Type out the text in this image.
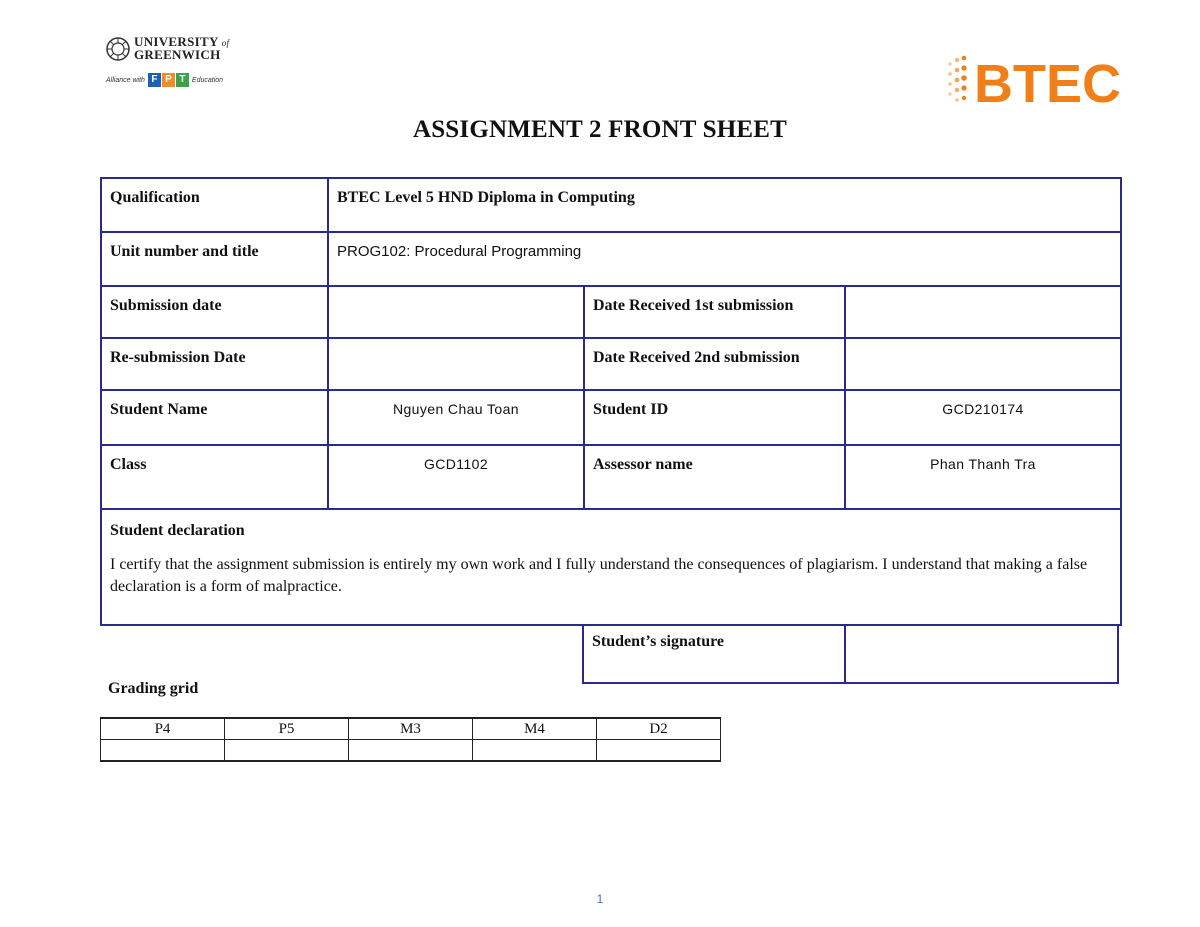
UNIVERSITY of
GREENWICH
Alliance with F P T Education	BTEC
ASSIGNMENT 2 FRONT SHEET
Qualification	BTEC Level 5 HND Diploma in Computing		
Unit number and title	PROG102: Procedural Programming		
Submission date		Date Received 1st submission	
Re-submission Date		Date Received 2nd submission	
Student Name	Nguyen Chau Toan	Student ID	GCD210174
Class	GCD1102	Assessor name	Phan Thanh Tra

Student declaration
I certify that the assignment submission is entirely my own work and I fully understand the consequences of plagiarism. I understand that making a false declaration is a form of malpractice.			
Student’s signature	
Grading grid
P4	P5	M3	M4	D2

1
